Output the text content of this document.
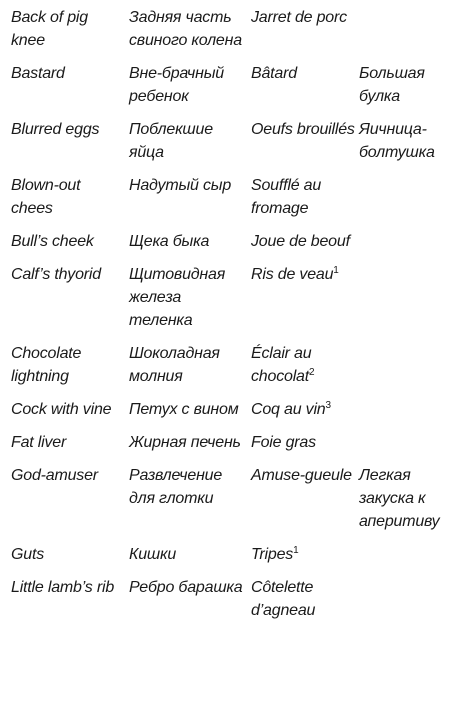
Back of pig knee	Задняя часть свиного колена	Jarret de porc	
Bastard	Вне-брачный ребенок	Bâtard	Большая булка
Blurred eggs	Поблекшие яйца	Oeufs brouillés	Яичница-болтушка
Blown-out chees	Надутый сыр	Soufflé au fromage	
Bull’s cheek	Щека быка	Joue de beouf	
Calf’s thyorid	Щитовидная железа теленка	Ris de veau$^1$	
Chocolate lightning	Шоколадная молния	Éclair au chocolat$^2$	
Cock with vine	Петух с вином	Coq au vin$^3$	
Fat liver	Жирная печень	Foie gras	
God-amuser	Развлечение для глотки	Amuse-gueule	Легкая закуска к аперитиву
Guts	Кишки	Tripes$^1$	
Little lamb’s rib	Ребро барашка	Côtelette d’agneau	
